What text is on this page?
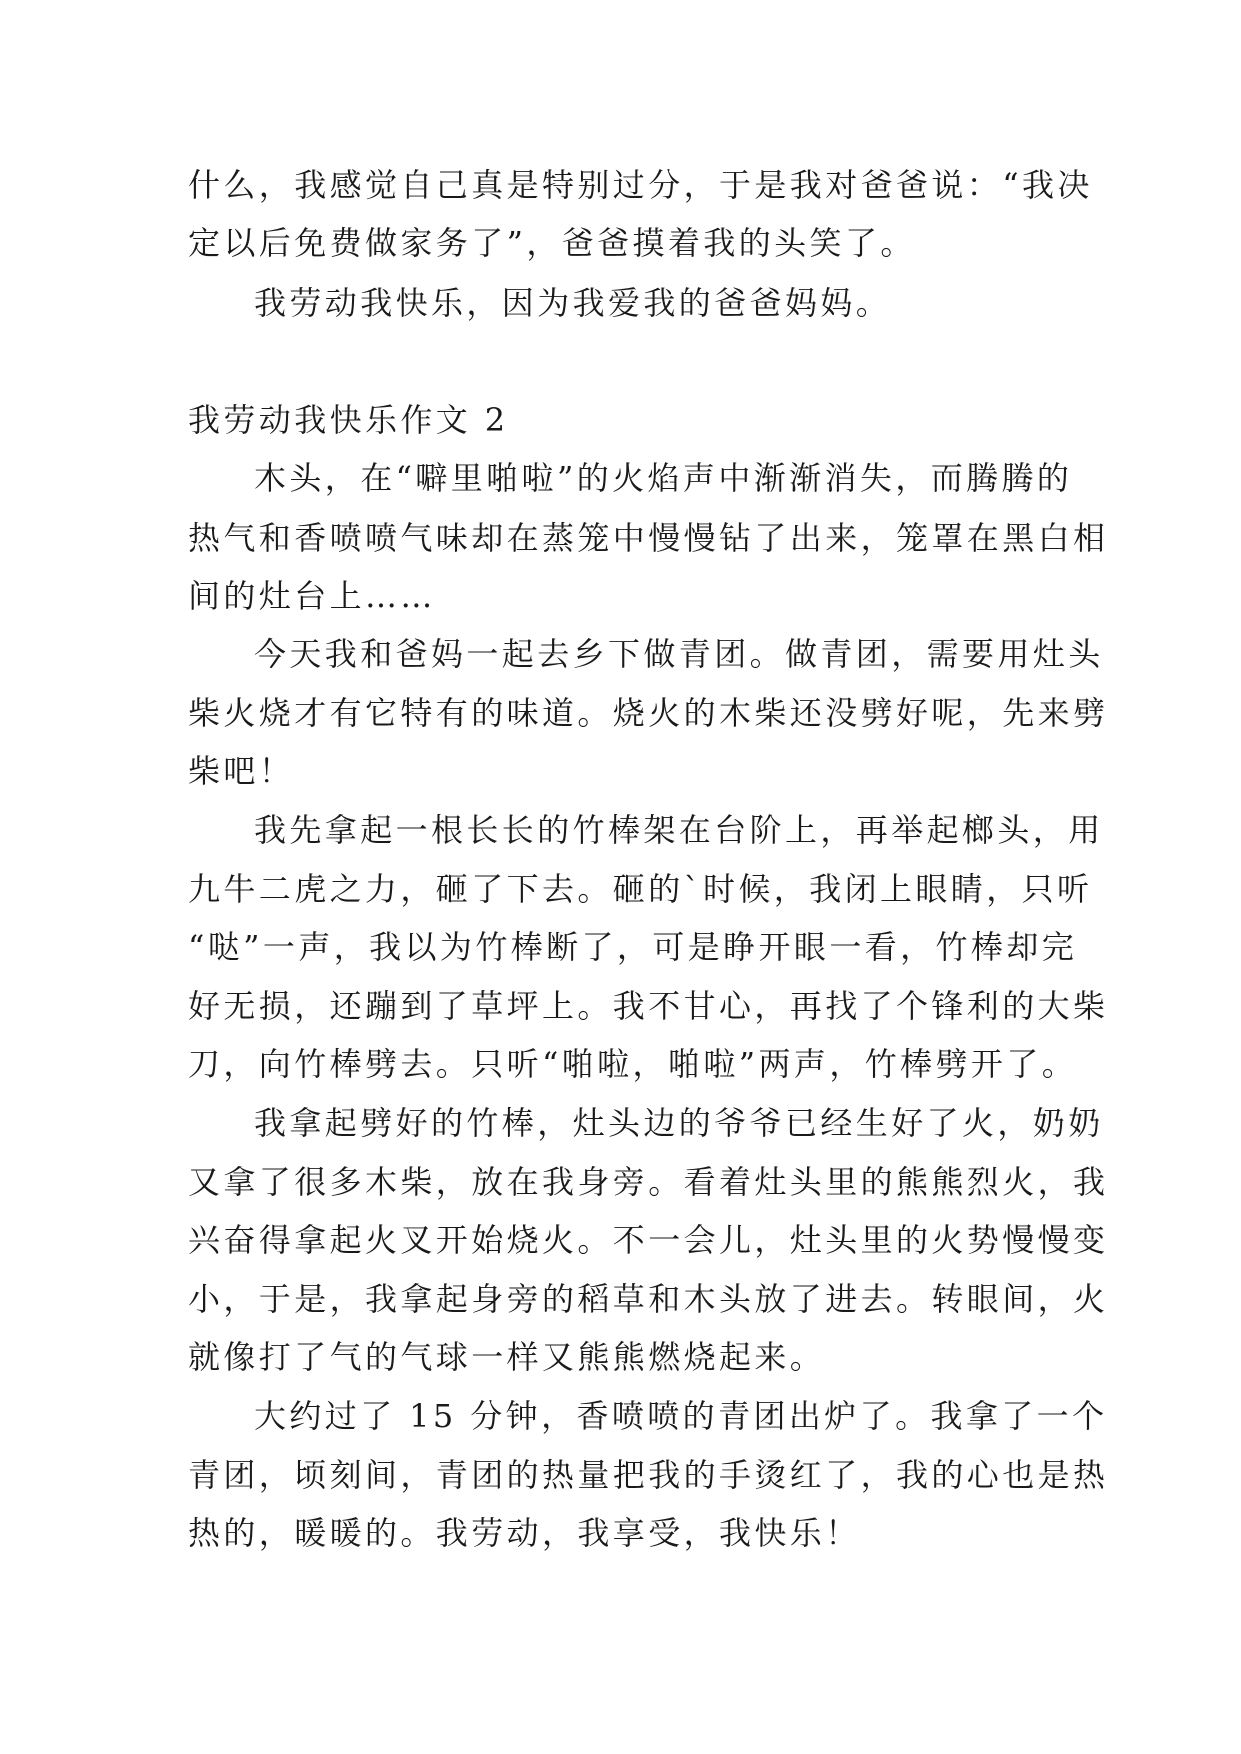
什么，我感觉自己真是特别过分，于是我对爸爸说：“我决
定以后免费做家务了”，爸爸摸着我的头笑了。
我劳动我快乐，因为我爱我的爸爸妈妈。
我劳动我快乐作文 2
木头，在“噼里啪啦”的火焰声中渐渐消失，而腾腾的
热气和香喷喷气味却在蒸笼中慢慢钻了出来，笼罩在黑白相
间的灶台上……
今天我和爸妈一起去乡下做青团。做青团，需要用灶头
柴火烧才有它特有的味道。烧火的木柴还没劈好呢，先来劈
柴吧！
我先拿起一根长长的竹棒架在台阶上，再举起榔头，用
九牛二虎之力，砸了下去。砸的`时候，我闭上眼睛，只听
“哒”一声，我以为竹棒断了，可是睁开眼一看，竹棒却完
好无损，还蹦到了草坪上。我不甘心，再找了个锋利的大柴
刀，向竹棒劈去。只听“啪啦，啪啦”两声，竹棒劈开了。
我拿起劈好的竹棒，灶头边的爷爷已经生好了火，奶奶
又拿了很多木柴，放在我身旁。看着灶头里的熊熊烈火，我
兴奋得拿起火叉开始烧火。不一会儿，灶头里的火势慢慢变
小，于是，我拿起身旁的稻草和木头放了进去。转眼间，火
就像打了气的气球一样又熊熊燃烧起来。
大约过了 15 分钟，香喷喷的青团出炉了。我拿了一个
青团，顷刻间，青团的热量把我的手烫红了，我的心也是热
热的，暖暖的。我劳动，我享受，我快乐！
